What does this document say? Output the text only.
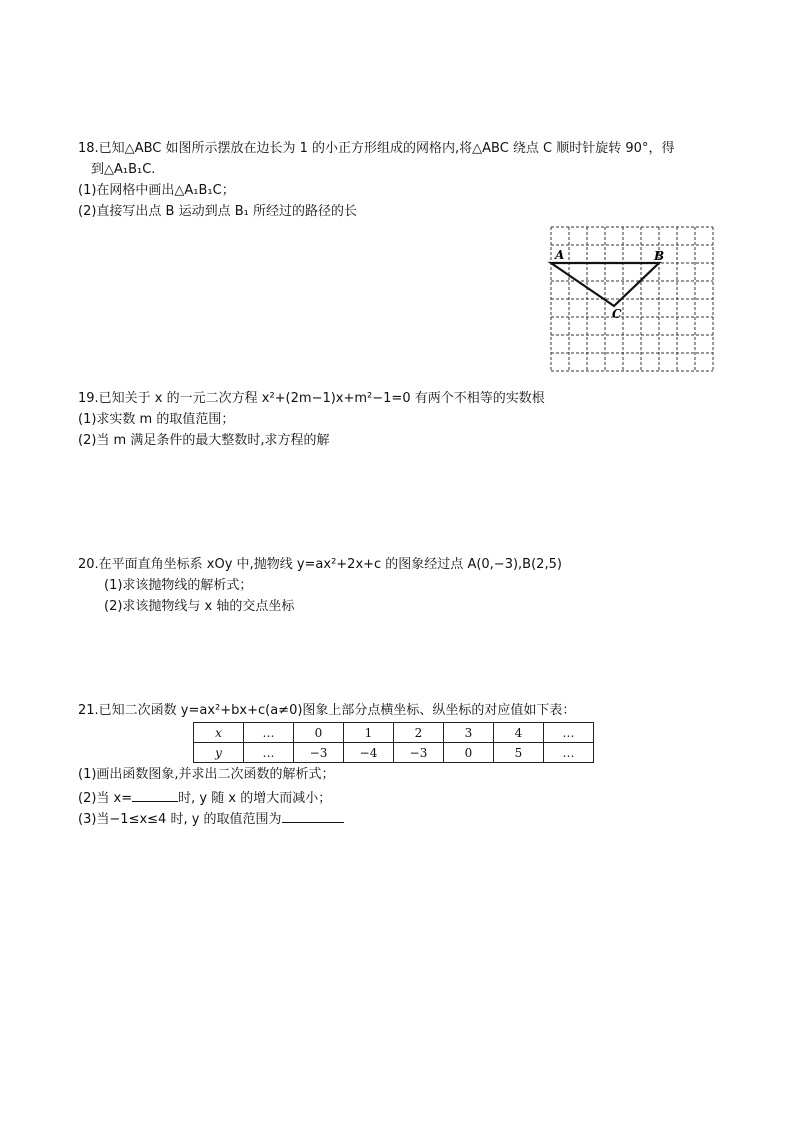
18.已知△ABC 如图所示摆放在边长为 1 的小正方形组成的网格内,将△ABC 绕点 C 顺时针旋转 90°，得
到△A₁B₁C.
(1)在网格中画出△A₁B₁C；
(2)直接写出点 B 运动到点 B₁ 所经过的路径的长
A	B
C
19.已知关于 x 的一元二次方程 x²+(2m−1)x+m²−1=0 有两个不相等的实数根
(1)求实数 m 的取值范围；
(2)当 m 满足条件的最大整数时,求方程的解
20.在平面直角坐标系 xOy 中,抛物线 y=ax²+2x+c 的图象经过点 A(0,−3),B(2,5)
(1)求该抛物线的解析式；
(2)求该抛物线与 x 轴的交点坐标
21.已知二次函数 y=ax²+bx+c(a≠0)图象上部分点横坐标、纵坐标的对应值如下表：
x	…	0	1	2	3	4	…
y	…	−3	−4	−3	0	5	…
(1)画出函数图象,并求出二次函数的解析式；
(2)当 x=	时, y 随 x 的增大而减小；
(3)当−1≤x≤4 时, y 的取值范围为
